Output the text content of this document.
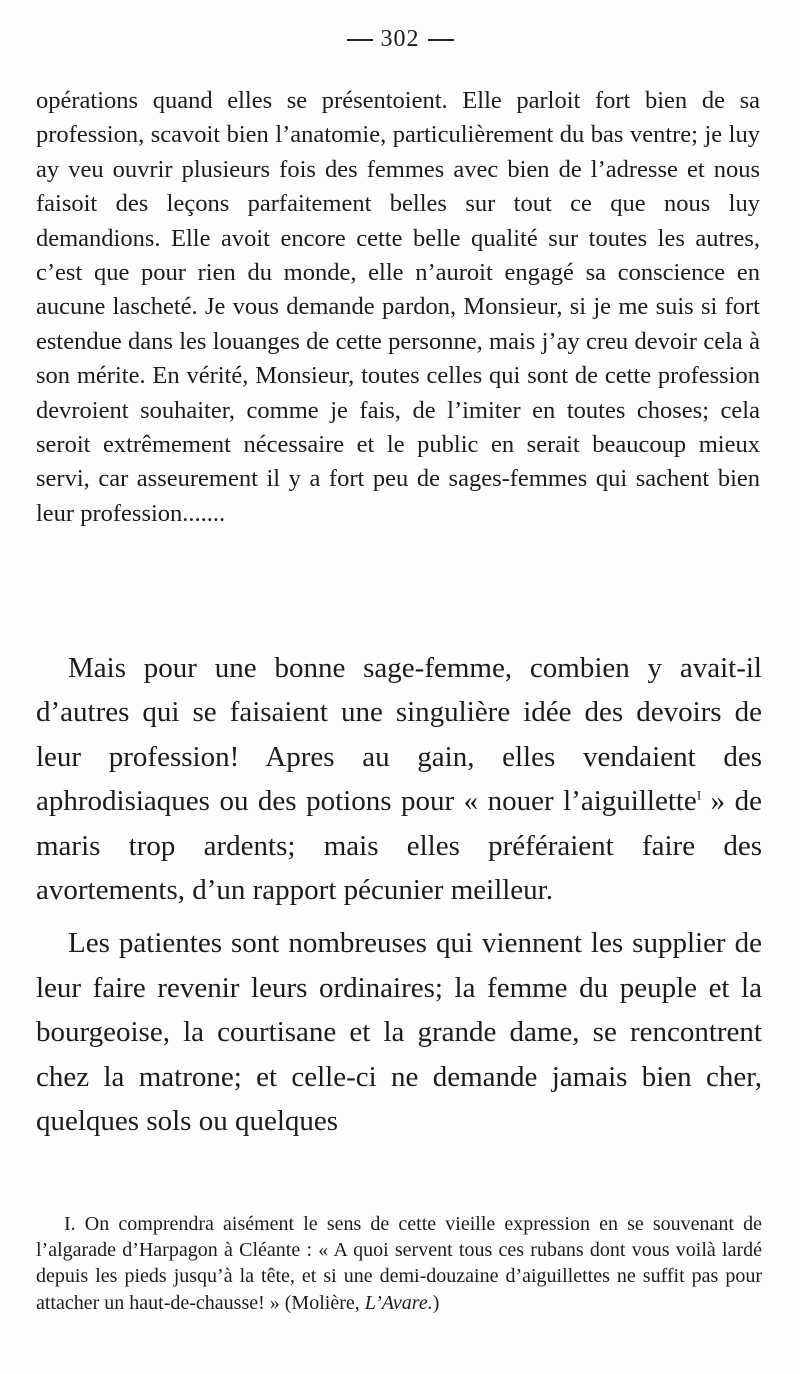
302

opérations quand elles se présentoient. Elle parloit fort bien de sa profession, scavoit bien l’anatomie, particulièrement du bas ventre; je luy ay veu ouvrir plusieurs fois des femmes avec bien de l’adresse et nous faisoit des leçons parfaitement belles sur tout ce que nous luy demandions. Elle avoit encore cette belle qualité sur toutes les autres, c’est que pour rien du monde, elle n’auroit engagé sa conscience en aucune lascheté. Je vous demande pardon, Monsieur, si je me suis si fort estendue dans les louanges de cette personne, mais j’ay creu devoir cela à son mérite. En vérité, Monsieur, toutes celles qui sont de cette profession devroient souhaiter, comme je fais, de l’imiter en toutes choses; cela seroit extrêmement nécessaire et le public en serait beaucoup mieux servi, car asseurement il y a fort peu de sages-femmes qui sachent bien leur profession.......

Mais pour une bonne sage-femme, combien y avait-il d’autres qui se faisaient une singulière idée des devoirs de leur profession! Apres au gain, elles vendaient des aphrodisiaques ou des potions pour « nouer l’aiguillette$^I$ » de maris trop ardents; mais elles préféraient faire des avortements, d’un rapport pécunier meilleur.

Les patientes sont nombreuses qui viennent les supplier de leur faire revenir leurs ordinaires; la femme du peuple et la bourgeoise, la courtisane et la grande dame, se rencontrent chez la matrone; et celle-ci ne demande jamais bien cher, quelques sols ou quelques

I. On comprendra aisément le sens de cette vieille expression en se souvenant de l’algarade d’Harpagon à Cléante : « A quoi servent tous ces rubans dont vous voilà lardé depuis les pieds jusqu’à la tête, et si une demi-douzaine d’aiguillettes ne suffit pas pour attacher un haut-de-chausse! » (Molière, L’Avare.)
